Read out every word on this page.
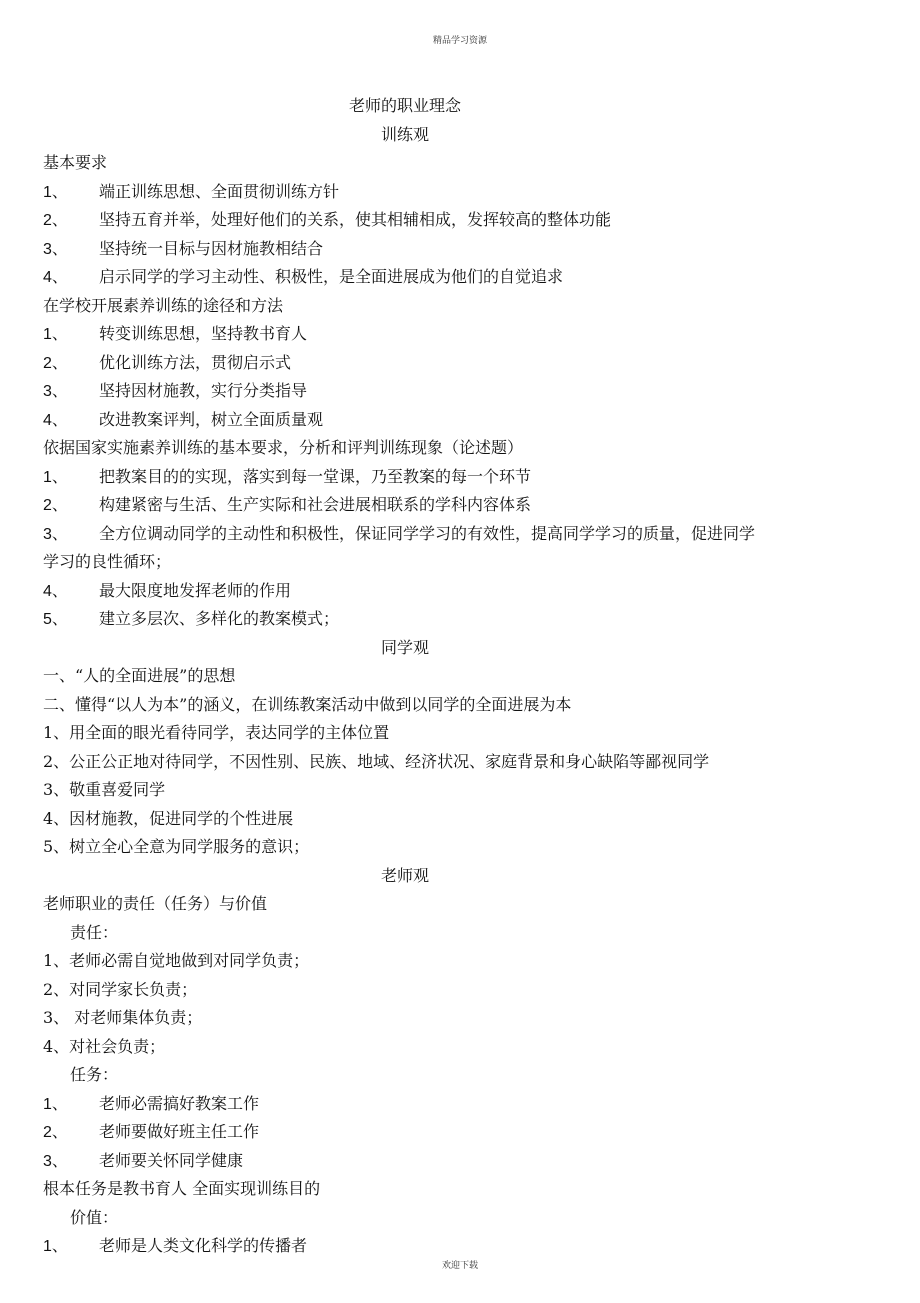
精品学习资源
老师的职业理念
训练观
基本要求
1、 端正训练思想、全面贯彻训练方针
2、 坚持五育并举，处理好他们的关系，使其相辅相成，发挥较高的整体功能
3、 坚持统一目标与因材施教相结合
4、 启示同学的学习主动性、积极性，是全面进展成为他们的自觉追求
在学校开展素养训练的途径和方法
1、 转变训练思想，坚持教书育人
2、 优化训练方法，贯彻启示式
3、 坚持因材施教，实行分类指导
4、 改进教案评判，树立全面质量观
依据国家实施素养训练的基本要求，分析和评判训练现象（论述题）
1、 把教案目的的实现，落实到每一堂课，乃至教案的每一个环节
2、 构建紧密与生活、生产实际和社会进展相联系的学科内容体系
3、 全方位调动同学的主动性和积极性，保证同学学习的有效性，提高同学学习的质量，促进同学
学习的良性循环；
4、 最大限度地发挥老师的作用
5、 建立多层次、多样化的教案模式；
同学观
一、“人的全面进展”的思想
二、懂得“以人为本”的涵义，在训练教案活动中做到以同学的全面进展为本
1、用全面的眼光看待同学，表达同学的主体位置
2、公正公正地对待同学，不因性别、民族、地域、经济状况、家庭背景和身心缺陷等鄙视同学
3、敬重喜爱同学
4、因材施教，促进同学的个性进展
5、树立全心全意为同学服务的意识；
老师观
老师职业的责任（任务）与价值
责任：
1、老师必需自觉地做到对同学负责；
2、对同学家长负责；
3、 对老师集体负责；
4、对社会负责；
任务：
1、 老师必需搞好教案工作
2、 老师要做好班主任工作
3、 老师要关怀同学健康
根本任务是教书育人 全面实现训练目的
价值：
1、 老师是人类文化科学的传播者
欢迎下载
